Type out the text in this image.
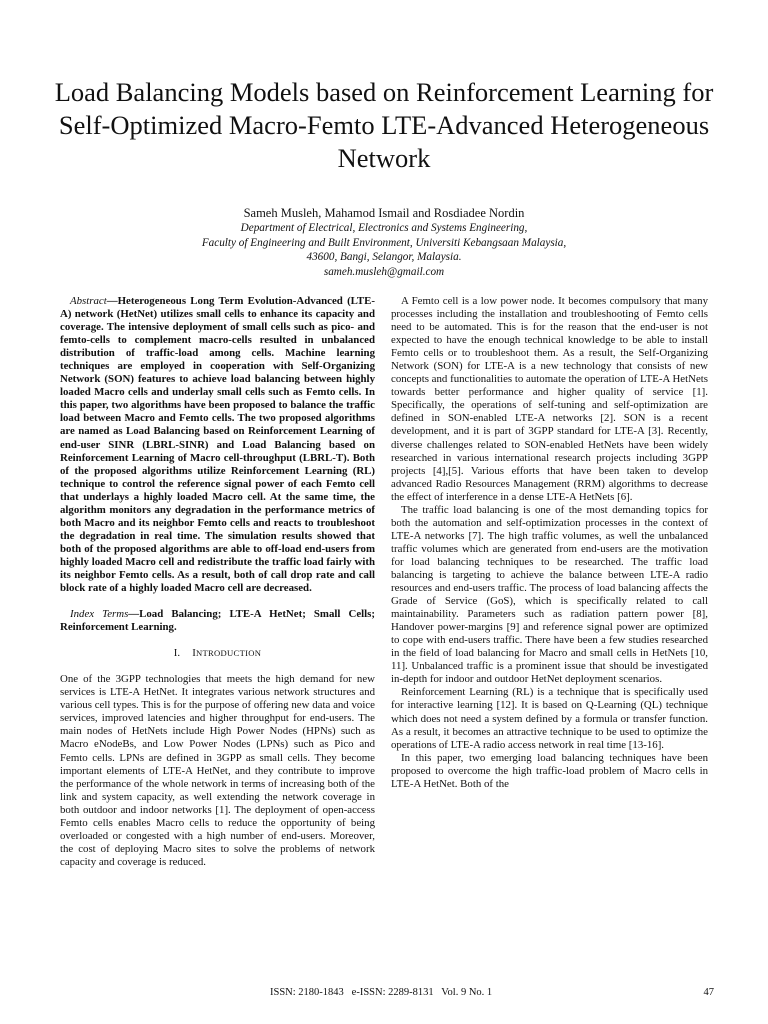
Load Balancing Models based on Reinforcement Learning for Self-Optimized Macro-Femto LTE-Advanced Heterogeneous Network
Sameh Musleh, Mahamod Ismail and Rosdiadee Nordin
Department of Electrical, Electronics and Systems Engineering,
Faculty of Engineering and Built Environment, Universiti Kebangsaan Malaysia,
43600, Bangi, Selangor, Malaysia.
sameh.musleh@gmail.com

Abstract—Heterogeneous Long Term Evolution-Advanced (LTE-A) network (HetNet) utilizes small cells to enhance its capacity and coverage. The intensive deployment of small cells such as pico- and femto-cells to complement macro-cells resulted in unbalanced distribution of traffic-load among cells. Machine learning techniques are employed in cooperation with Self-Organizing Network (SON) features to achieve load balancing between highly loaded Macro cells and underlay small cells such as Femto cells. In this paper, two algorithms have been proposed to balance the traffic load between Macro and Femto cells. The two proposed algorithms are named as Load Balancing based on Reinforcement Learning of end-user SINR (LBRL-SINR) and Load Balancing based on Reinforcement Learning of Macro cell-throughput (LBRL-T). Both of the proposed algorithms utilize Reinforcement Learning (RL) technique to control the reference signal power of each Femto cell that underlays a highly loaded Macro cell. At the same time, the algorithm monitors any degradation in the performance metrics of both Macro and its neighbor Femto cells and reacts to troubleshoot the degradation in real time. The simulation results showed that both of the proposed algorithms are able to off-load end-users from highly loaded Macro cell and redistribute the traffic load fairly with its neighbor Femto cells. As a result, both of call drop rate and call block rate of a highly loaded Macro cell are decreased.

Index Terms—Load Balancing; LTE-A HetNet; Small Cells; Reinforcement Learning.

I. INTRODUCTION

One of the 3GPP technologies that meets the high demand for new services is LTE-A HetNet. It integrates various network structures and various cell types. This is for the purpose of offering new data and voice services, improved latencies and higher throughput for end-users. The main nodes of HetNets include High Power Nodes (HPNs) such as Macro eNodeBs, and Low Power Nodes (LPNs) such as Pico and Femto cells. LPNs are defined in 3GPP as small cells. They become important elements of LTE-A HetNet, and they contribute to improve the performance of the whole network in terms of increasing both of the link and system capacity, as well extending the network coverage in both outdoor and indoor networks [1]. The deployment of open-access Femto cells enables Macro cells to reduce the opportunity of being overloaded or congested with a high number of end-users. Moreover, the cost of deploying Macro sites to solve the problems of network capacity and coverage is reduced.

A Femto cell is a low power node. It becomes compulsory that many processes including the installation and troubleshooting of Femto cells need to be automated. This is for the reason that the end-user is not expected to have the enough technical knowledge to be able to install Femto cells or to troubleshoot them. As a result, the Self-Organizing Network (SON) for LTE-A is a new technology that consists of new concepts and functionalities to automate the operation of LTE-A HetNets towards better performance and higher quality of service [1]. Specifically, the operations of self-tuning and self-optimization are defined in SON-enabled LTE-A networks [2]. SON is a recent development, and it is part of 3GPP standard for LTE-A [3]. Recently, diverse challenges related to SON-enabled HetNets have been widely researched in various international research projects including 3GPP projects [4],[5]. Various efforts that have been taken to develop advanced Radio Resources Management (RRM) algorithms to decrease the effect of interference in a dense LTE-A HetNets [6].

The traffic load balancing is one of the most demanding topics for both the automation and self-optimization processes in the context of LTE-A networks [7]. The high traffic volumes, as well the unbalanced traffic volumes which are generated from end-users are the motivation for load balancing techniques to be researched. The traffic load balancing is targeting to achieve the balance between LTE-A radio resources and end-users traffic. The process of load balancing affects the Grade of Service (GoS), which is specifically related to call maintainability. Parameters such as radiation pattern power [8], Handover power-margins [9] and reference signal power are optimized to cope with end-users traffic. There have been a few studies researched in the field of load balancing for Macro and small cells in HetNets [10, 11]. Unbalanced traffic is a prominent issue that should be investigated in-depth for indoor and outdoor HetNet deployment scenarios.

Reinforcement Learning (RL) is a technique that is specifically used for interactive learning [12]. It is based on Q-Learning (QL) technique which does not need a system defined by a formula or transfer function. As a result, it becomes an attractive technique to be used to optimize the operations of LTE-A radio access network in real time [13-16].

In this paper, two emerging load balancing techniques have been proposed to overcome the high traffic-load problem of Macro cells in LTE-A HetNet. Both of the

ISSN: 2180-1843   e-ISSN: 2289-8131   Vol. 9 No. 1	47
